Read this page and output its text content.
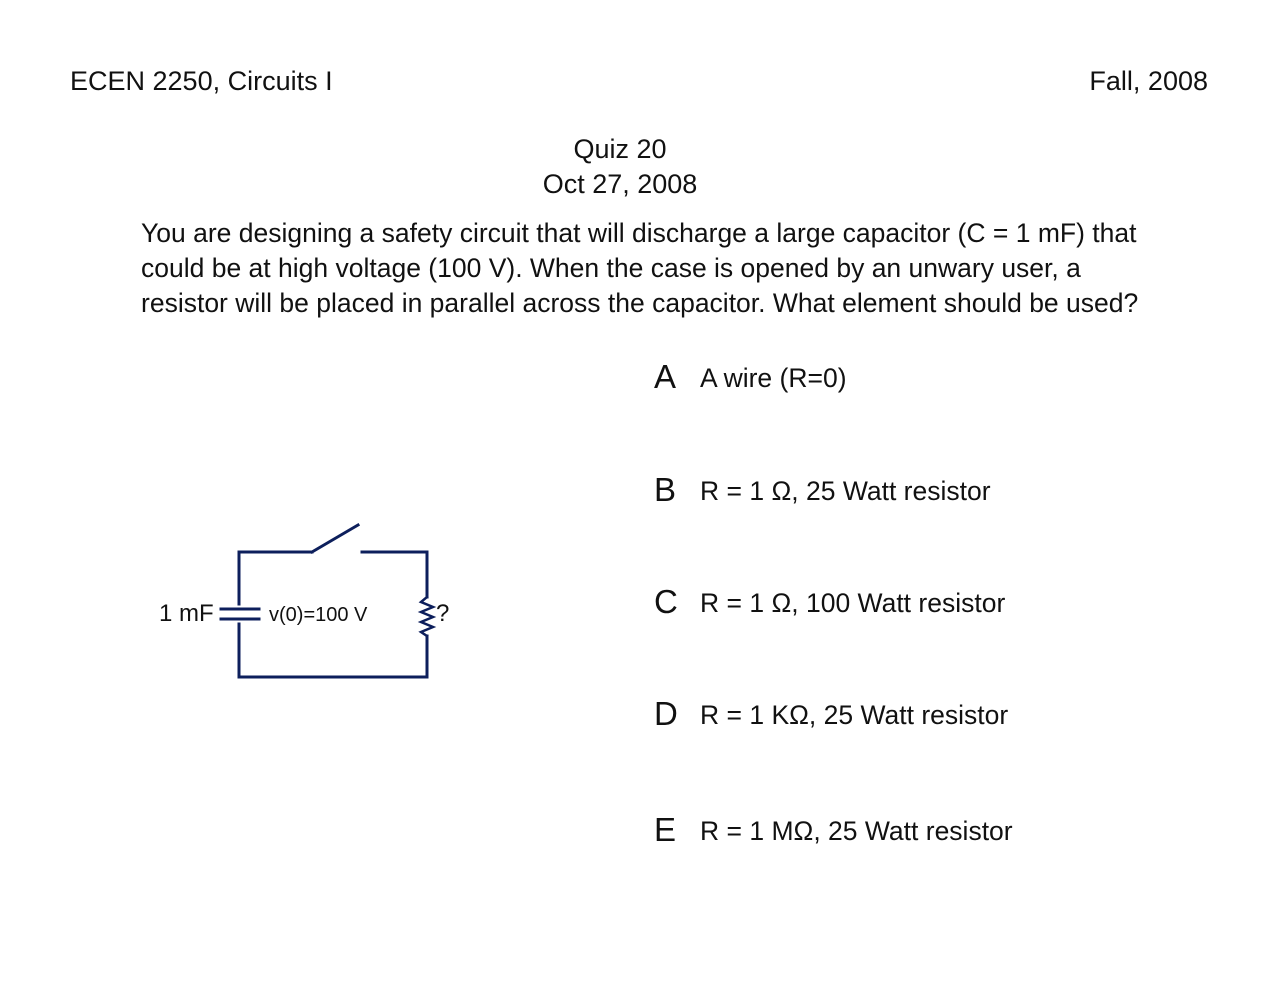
ECEN 2250, Circuits I	Fall, 2008
Quiz 20
Oct 27, 2008
You are designing a safety circuit that will discharge a large capacitor (C = 1 mF) that could be at high voltage (100 V). When the case is opened by an unwary user, a resistor will be placed in parallel across the capacitor. What element should be used?
A A wire (R=0)
B R = 1 Ω, 25 Watt resistor
C R = 1 Ω, 100 Watt resistor
D R = 1 KΩ, 25 Watt resistor
E R = 1 MΩ, 25 Watt resistor
1 mF	v(0)=100 V	?
